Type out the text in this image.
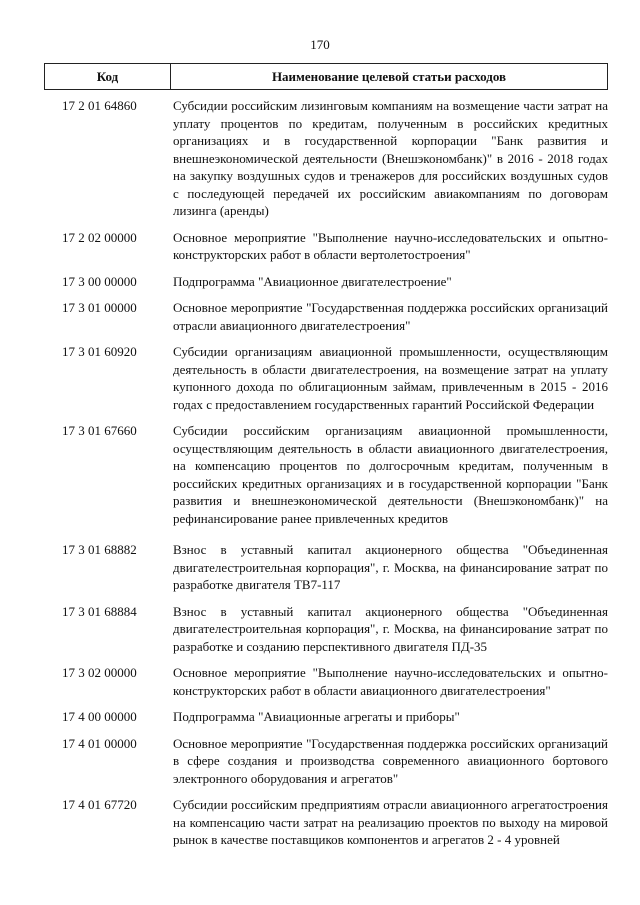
170
Код	Наименование целевой статьи расходов
17 2 01 64860	Субсидии российским лизинговым компаниям на возмещение части затрат на уплату процентов по кредитам, полученным в российских кредитных организациях и в государственной корпорации "Банк развития и внешнеэкономической деятельности (Внешэкономбанк)" в 2016 - 2018 годах на закупку воздушных судов и тренажеров для российских воздушных судов с последующей передачей их российским авиакомпаниям по договорам лизинга (аренды)
17 2 02 00000	Основное мероприятие "Выполнение научно-исследовательских и опытно-конструкторских работ в области вертолетостроения"
17 3 00 00000	Подпрограмма "Авиационное двигателестроение"
17 3 01 00000	Основное мероприятие "Государственная поддержка российских организаций отрасли авиационного двигателестроения"
17 3 01 60920	Субсидии организациям авиационной промышленности, осуществляющим деятельность в области двигателестроения, на возмещение затрат на уплату купонного дохода по облигационным займам, привлеченным в 2015 - 2016 годах с предоставлением государственных гарантий Российской Федерации
17 3 01 67660	Субсидии российским организациям авиационной промышленности, осуществляющим деятельность в области авиационного двигателестроения, на компенсацию процентов по долгосрочным кредитам, полученным в российских кредитных организациях и в государственной корпорации "Банк развития и внешнеэкономической деятельности (Внешэкономбанк)" на рефинансирование ранее привлеченных кредитов
17 3 01 68882	Взнос в уставный капитал акционерного общества "Объединенная двигателестроительная корпорация", г. Москва, на финансирование затрат по разработке двигателя ТВ7-117
17 3 01 68884	Взнос в уставный капитал акционерного общества "Объединенная двигателестроительная корпорация", г. Москва, на финансирование затрат по разработке и созданию перспективного двигателя ПД-35
17 3 02 00000	Основное мероприятие "Выполнение научно-исследовательских и опытно-конструкторских работ в области авиационного двигателестроения"
17 4 00 00000	Подпрограмма "Авиационные агрегаты и приборы"
17 4 01 00000	Основное мероприятие "Государственная поддержка российских организаций в сфере создания и производства современного авиационного бортового электронного оборудования и агрегатов"
17 4 01 67720	Субсидии российским предприятиям отрасли авиационного агрегатостроения на компенсацию части затрат на реализацию проектов по выходу на мировой рынок в качестве поставщиков компонентов и агрегатов 2 - 4 уровней
